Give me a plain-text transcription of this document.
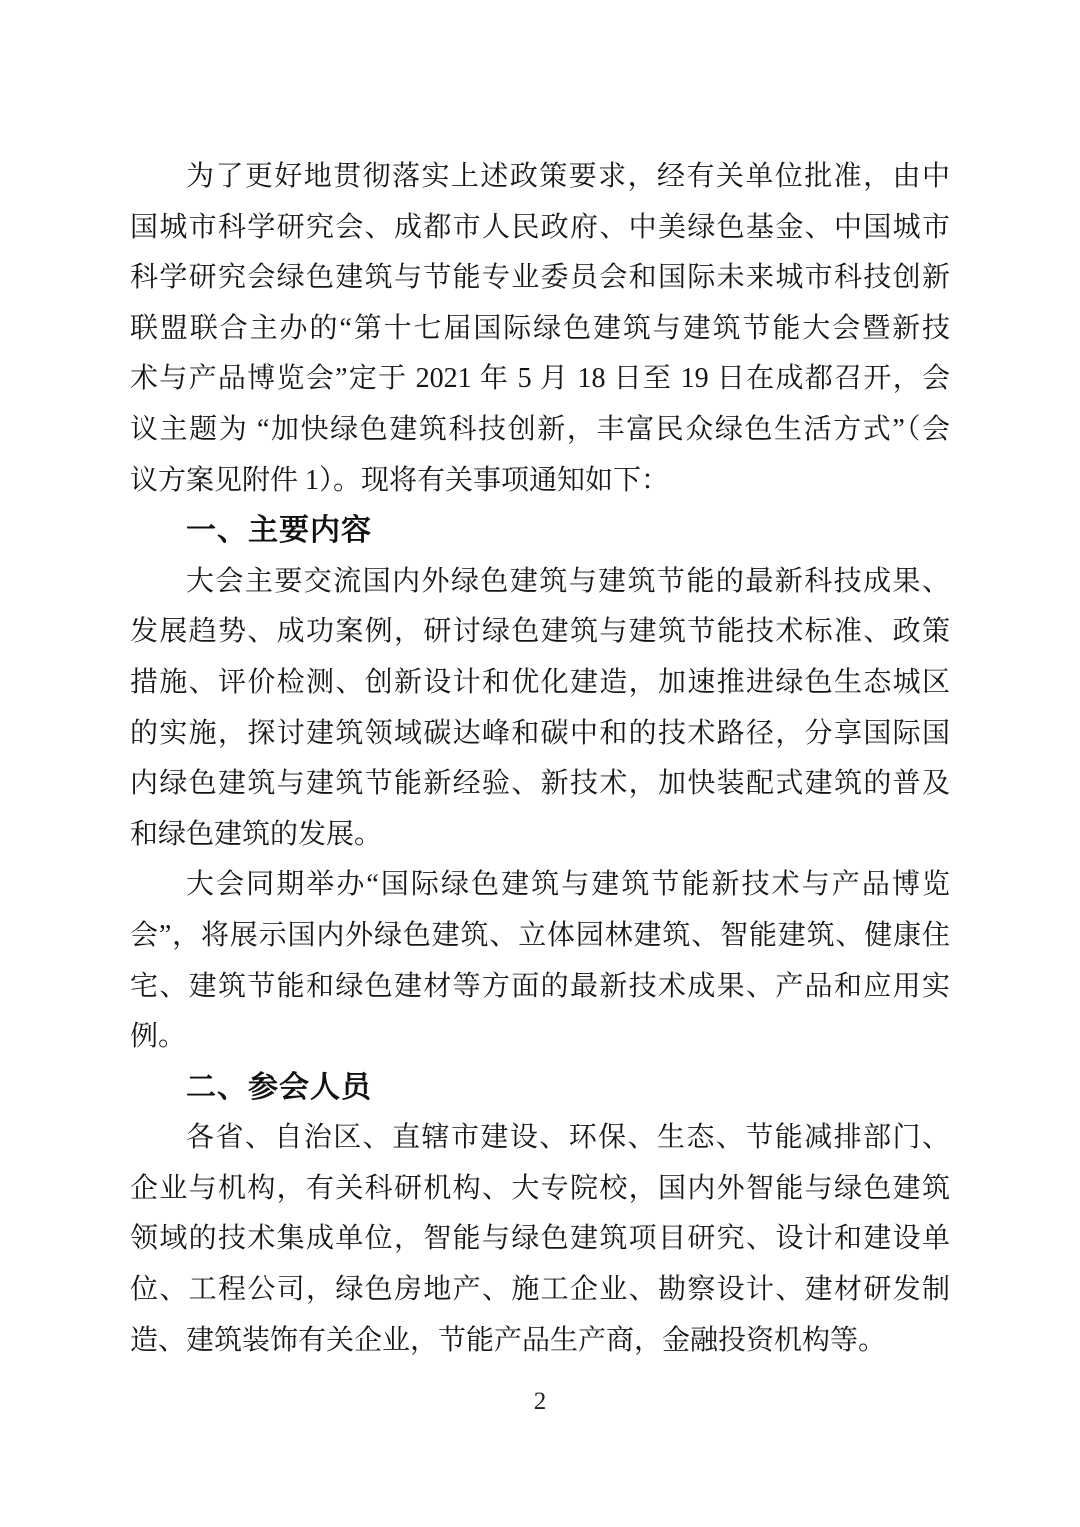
为了更好地贯彻落实上述政策要求，经有关单位批准，由中
国城市科学研究会、成都市人民政府、中美绿色基金、中国城市
科学研究会绿色建筑与节能专业委员会和国际未来城市科技创新
联盟联合主办的“第十七届国际绿色建筑与建筑节能大会暨新技
术与产品博览会”定于 2021 年 5 月 18 日至 19 日在成都召开，会
议主题为 “加快绿色建筑科技创新，丰富民众绿色生活方式”（会
议方案见附件 1）。现将有关事项通知如下：
一、主要内容
大会主要交流国内外绿色建筑与建筑节能的最新科技成果、
发展趋势、成功案例，研讨绿色建筑与建筑节能技术标准、政策
措施、评价检测、创新设计和优化建造，加速推进绿色生态城区
的实施，探讨建筑领域碳达峰和碳中和的技术路径，分享国际国
内绿色建筑与建筑节能新经验、新技术，加快装配式建筑的普及
和绿色建筑的发展。
大会同期举办“国际绿色建筑与建筑节能新技术与产品博览
会”，将展示国内外绿色建筑、立体园林建筑、智能建筑、健康住
宅、建筑节能和绿色建材等方面的最新技术成果、产品和应用实
例。
二、参会人员
各省、自治区、直辖市建设、环保、生态、节能减排部门、
企业与机构，有关科研机构、大专院校，国内外智能与绿色建筑
领域的技术集成单位，智能与绿色建筑项目研究、设计和建设单
位、工程公司，绿色房地产、施工企业、勘察设计、建材研发制
造、建筑装饰有关企业，节能产品生产商，金融投资机构等。
2
